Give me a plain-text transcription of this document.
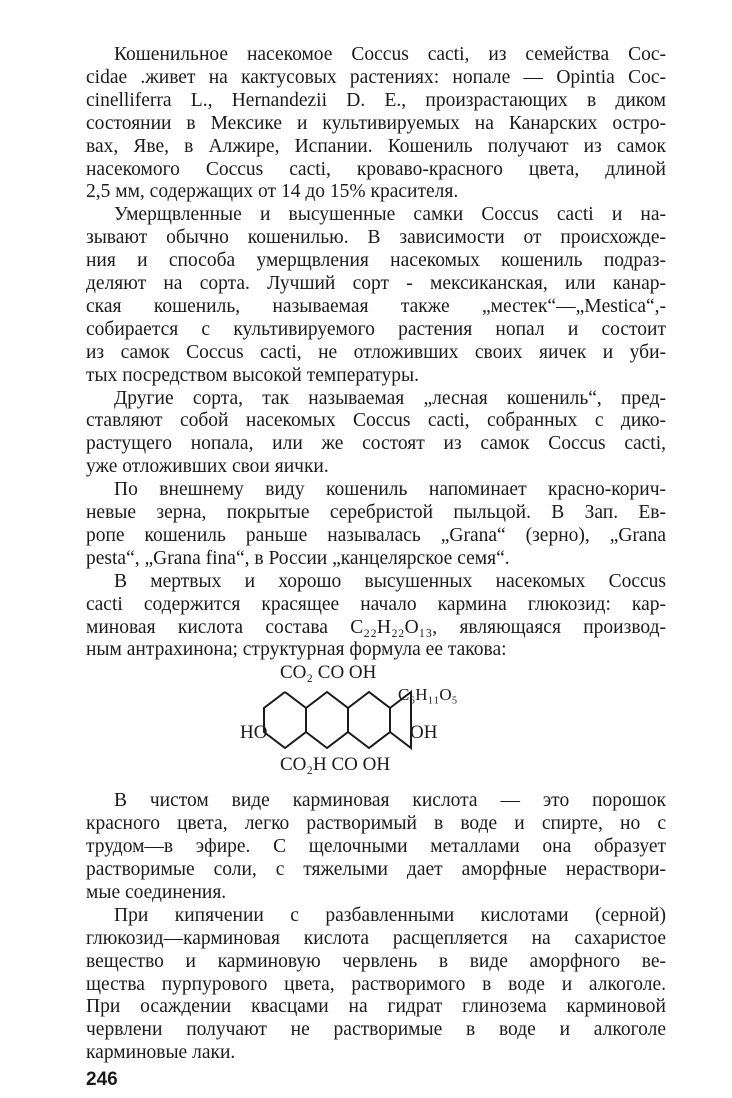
Кошенильное насекомое Coccus cacti, из семейства Coc-
cidae .живет на кактусовых растениях: нопале — Opintia Coc-
cinelliferra L., Hernandezii D. E., произрастающих в диком
состоянии в Мексике и культивируемых на Канарских остро-
вах, Яве, в Алжире, Испании. Кошениль получают из самок
насекомого Coccus cacti, кроваво-красного цвета, длиной
2,5 мм, содержащих от 14 до 15% красителя.
Умерщвленные и высушенные самки Coccus cacti и на-
зывают обычно кошенилью. В зависимости от происхожде-
ния и способа умерщвления насекомых кошениль подраз-
деляют на сорта. Лучший сорт - мексиканская, или канар-
ская кошениль, называемая также „местек“—„Mestica“,-
собирается с культивируемого растения нопал и состоит
из самок Coccus cacti, не отложивших своих яичек и уби-
тых посредством высокой температуры.
Другие сорта, так называемая „лесная кошениль“, пред-
ставляют собой насекомых Coccus cacti, собранных с дико-
растущего нопала, или же состоят из самок Coccus cacti,
уже отложивших свои яички.
По внешнему виду кошениль напоминает красно-корич-
невые зерна, покрытые серебристой пыльцой. В Зап. Ев-
ропе кошениль раньше называлась „Grana“ (зерно), „Grana
pesta“, „Grana fina“, в России „канцелярское семя“.
В мертвых и хорошо высушенных насекомых Coccus
cacti содержится красящее начало кармина глюкозид: кар-
миновая кислота состава C₂₂H₂₂O₁₃, являющаяся производ-
ным антрахинона; структурная формула ее такова:
CO₂ CO OH
C₆H₁₁O₅
HO	OH
CO₂H CO OH
В чистом виде карминовая кислота — это порошок
красного цвета, легко растворимый в воде и спирте, но с
трудом—в эфире. С щелочными металлами она образует
растворимые соли, с тяжелыми дает аморфные нераствори-
мые соединения.
При кипячении с разбавленными кислотами (серной)
глюкозид—карминовая кислота расщепляется на сахаристое
вещество и карминовую червлень в виде аморфного ве-
щества пурпурового цвета, растворимого в воде и алкоголе.
При осаждении квасцами на гидрат глинозема карминовой
червлени получают не растворимые в воде и алкоголе
карминовые лаки.
246
